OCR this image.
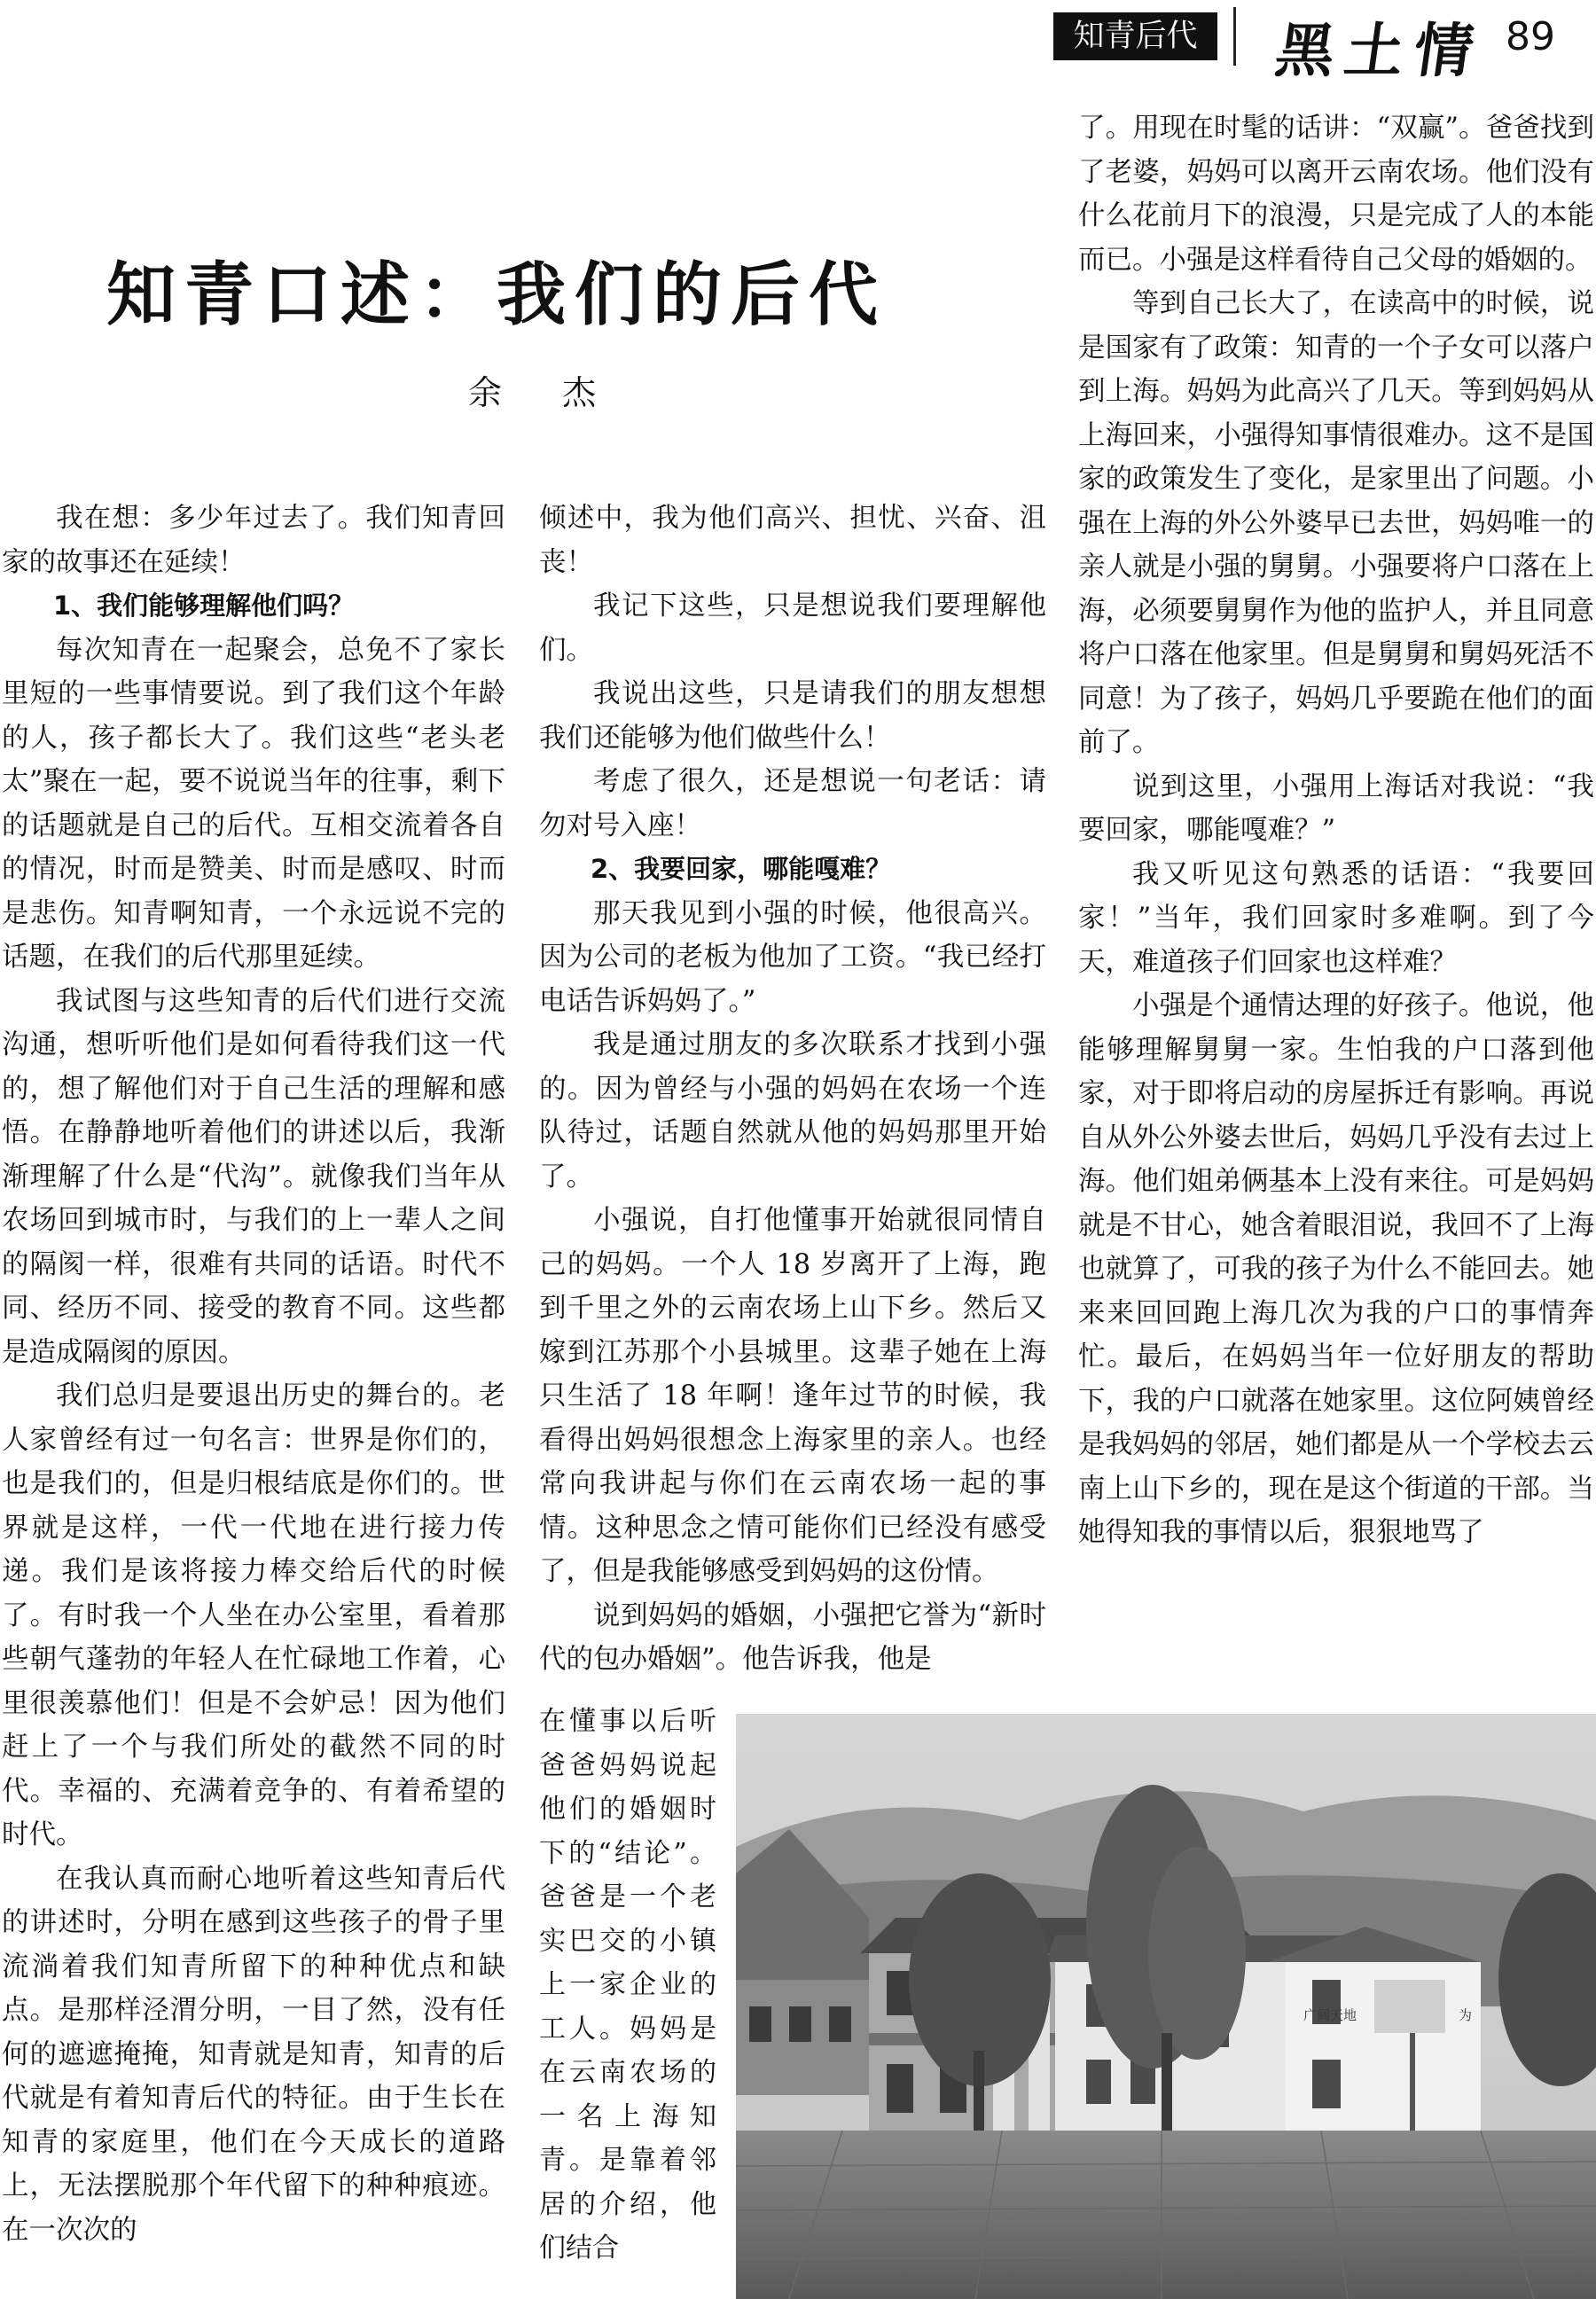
知青后代	黑土情 89
知青口述：我们的后代
余 杰

我在想：多少年过去了。我们知青回家的故事还在延续！

1、我们能够理解他们吗？

每次知青在一起聚会，总免不了家长里短的一些事情要说。到了我们这个年龄的人，孩子都长大了。我们这些“老头老太”聚在一起，要不说说当年的往事，剩下的话题就是自己的后代。互相交流着各自的情况，时而是赞美、时而是感叹、时而是悲伤。知青啊知青，一个永远说不完的话题，在我们的后代那里延续。

我试图与这些知青的后代们进行交流沟通，想听听他们是如何看待我们这一代的，想了解他们对于自己生活的理解和感悟。在静静地听着他们的讲述以后，我渐渐理解了什么是“代沟”。就像我们当年从农场回到城市时，与我们的上一辈人之间的隔阂一样，很难有共同的话语。时代不同、经历不同、接受的教育不同。这些都是造成隔阂的原因。

我们总归是要退出历史的舞台的。老人家曾经有过一句名言：世界是你们的，也是我们的，但是归根结底是你们的。世界就是这样，一代一代地在进行接力传递。我们是该将接力棒交给后代的时候了。有时我一个人坐在办公室里，看着那些朝气蓬勃的年轻人在忙碌地工作着，心里很羡慕他们！但是不会妒忌！因为他们赶上了一个与我们所处的截然不同的时代。幸福的、充满着竞争的、有着希望的时代。

在我认真而耐心地听着这些知青后代的讲述时，分明在感到这些孩子的骨子里流淌着我们知青所留下的种种优点和缺点。是那样泾渭分明，一目了然，没有任何的遮遮掩掩，知青就是知青，知青的后代就是有着知青后代的特征。由于生长在知青的家庭里，他们在今天成长的道路上，无法摆脱那个年代留下的种种痕迹。在一次次的

倾述中，我为他们高兴、担忧、兴奋、沮丧！

我记下这些，只是想说我们要理解他们。

我说出这些，只是请我们的朋友想想我们还能够为他们做些什么！

考虑了很久，还是想说一句老话：请勿对号入座！

2、我要回家，哪能嘎难？

那天我见到小强的时候，他很高兴。因为公司的老板为他加了工资。“我已经打电话告诉妈妈了。”

我是通过朋友的多次联系才找到小强的。因为曾经与小强的妈妈在农场一个连队待过，话题自然就从他的妈妈那里开始了。

小强说，自打他懂事开始就很同情自己的妈妈。一个人 18 岁离开了上海，跑到千里之外的云南农场上山下乡。然后又嫁到江苏那个小县城里。这辈子她在上海只生活了 18 年啊！逢年过节的时候，我看得出妈妈很想念上海家里的亲人。也经常向我讲起与你们在云南农场一起的事情。这种思念之情可能你们已经没有感受了，但是我能够感受到妈妈的这份情。

说到妈妈的婚姻，小强把它誉为“新时代的包办婚姻”。他告诉我，他是

在懂事以后听爸爸妈妈说起他们的婚姻时下的“结论”。爸爸是一个老实巴交的小镇上一家企业的工人。妈妈是在云南农场的一名上海知青。是靠着邻居的介绍，他们结合

了。用现在时髦的话讲：“双赢”。爸爸找到了老婆，妈妈可以离开云南农场。他们没有什么花前月下的浪漫，只是完成了人的本能而已。小强是这样看待自己父母的婚姻的。

等到自己长大了，在读高中的时候，说是国家有了政策：知青的一个子女可以落户到上海。妈妈为此高兴了几天。等到妈妈从上海回来，小强得知事情很难办。这不是国家的政策发生了变化，是家里出了问题。小强在上海的外公外婆早已去世，妈妈唯一的亲人就是小强的舅舅。小强要将户口落在上海，必须要舅舅作为他的监护人，并且同意将户口落在他家里。但是舅舅和舅妈死活不同意！为了孩子，妈妈几乎要跪在他们的面前了。

说到这里，小强用上海话对我说：“我要回家，哪能嘎难？”

我又听见这句熟悉的话语：“我要回家！”当年，我们回家时多难啊。到了今天，难道孩子们回家也这样难？

小强是个通情达理的好孩子。他说，他能够理解舅舅一家。生怕我的户口落到他家，对于即将启动的房屋拆迁有影响。再说自从外公外婆去世后，妈妈几乎没有去过上海。他们姐弟俩基本上没有来往。可是妈妈就是不甘心，她含着眼泪说，我回不了上海也就算了，可我的孩子为什么不能回去。她来来回回跑上海几次为我的户口的事情奔忙。最后，在妈妈当年一位好朋友的帮助下，我的户口就落在她家里。这位阿姨曾经是我妈妈的邻居，她们都是从一个学校去云南上山下乡的，现在是这个街道的干部。当她得知我的事情以后，狠狠地骂了

广阔天地	为
